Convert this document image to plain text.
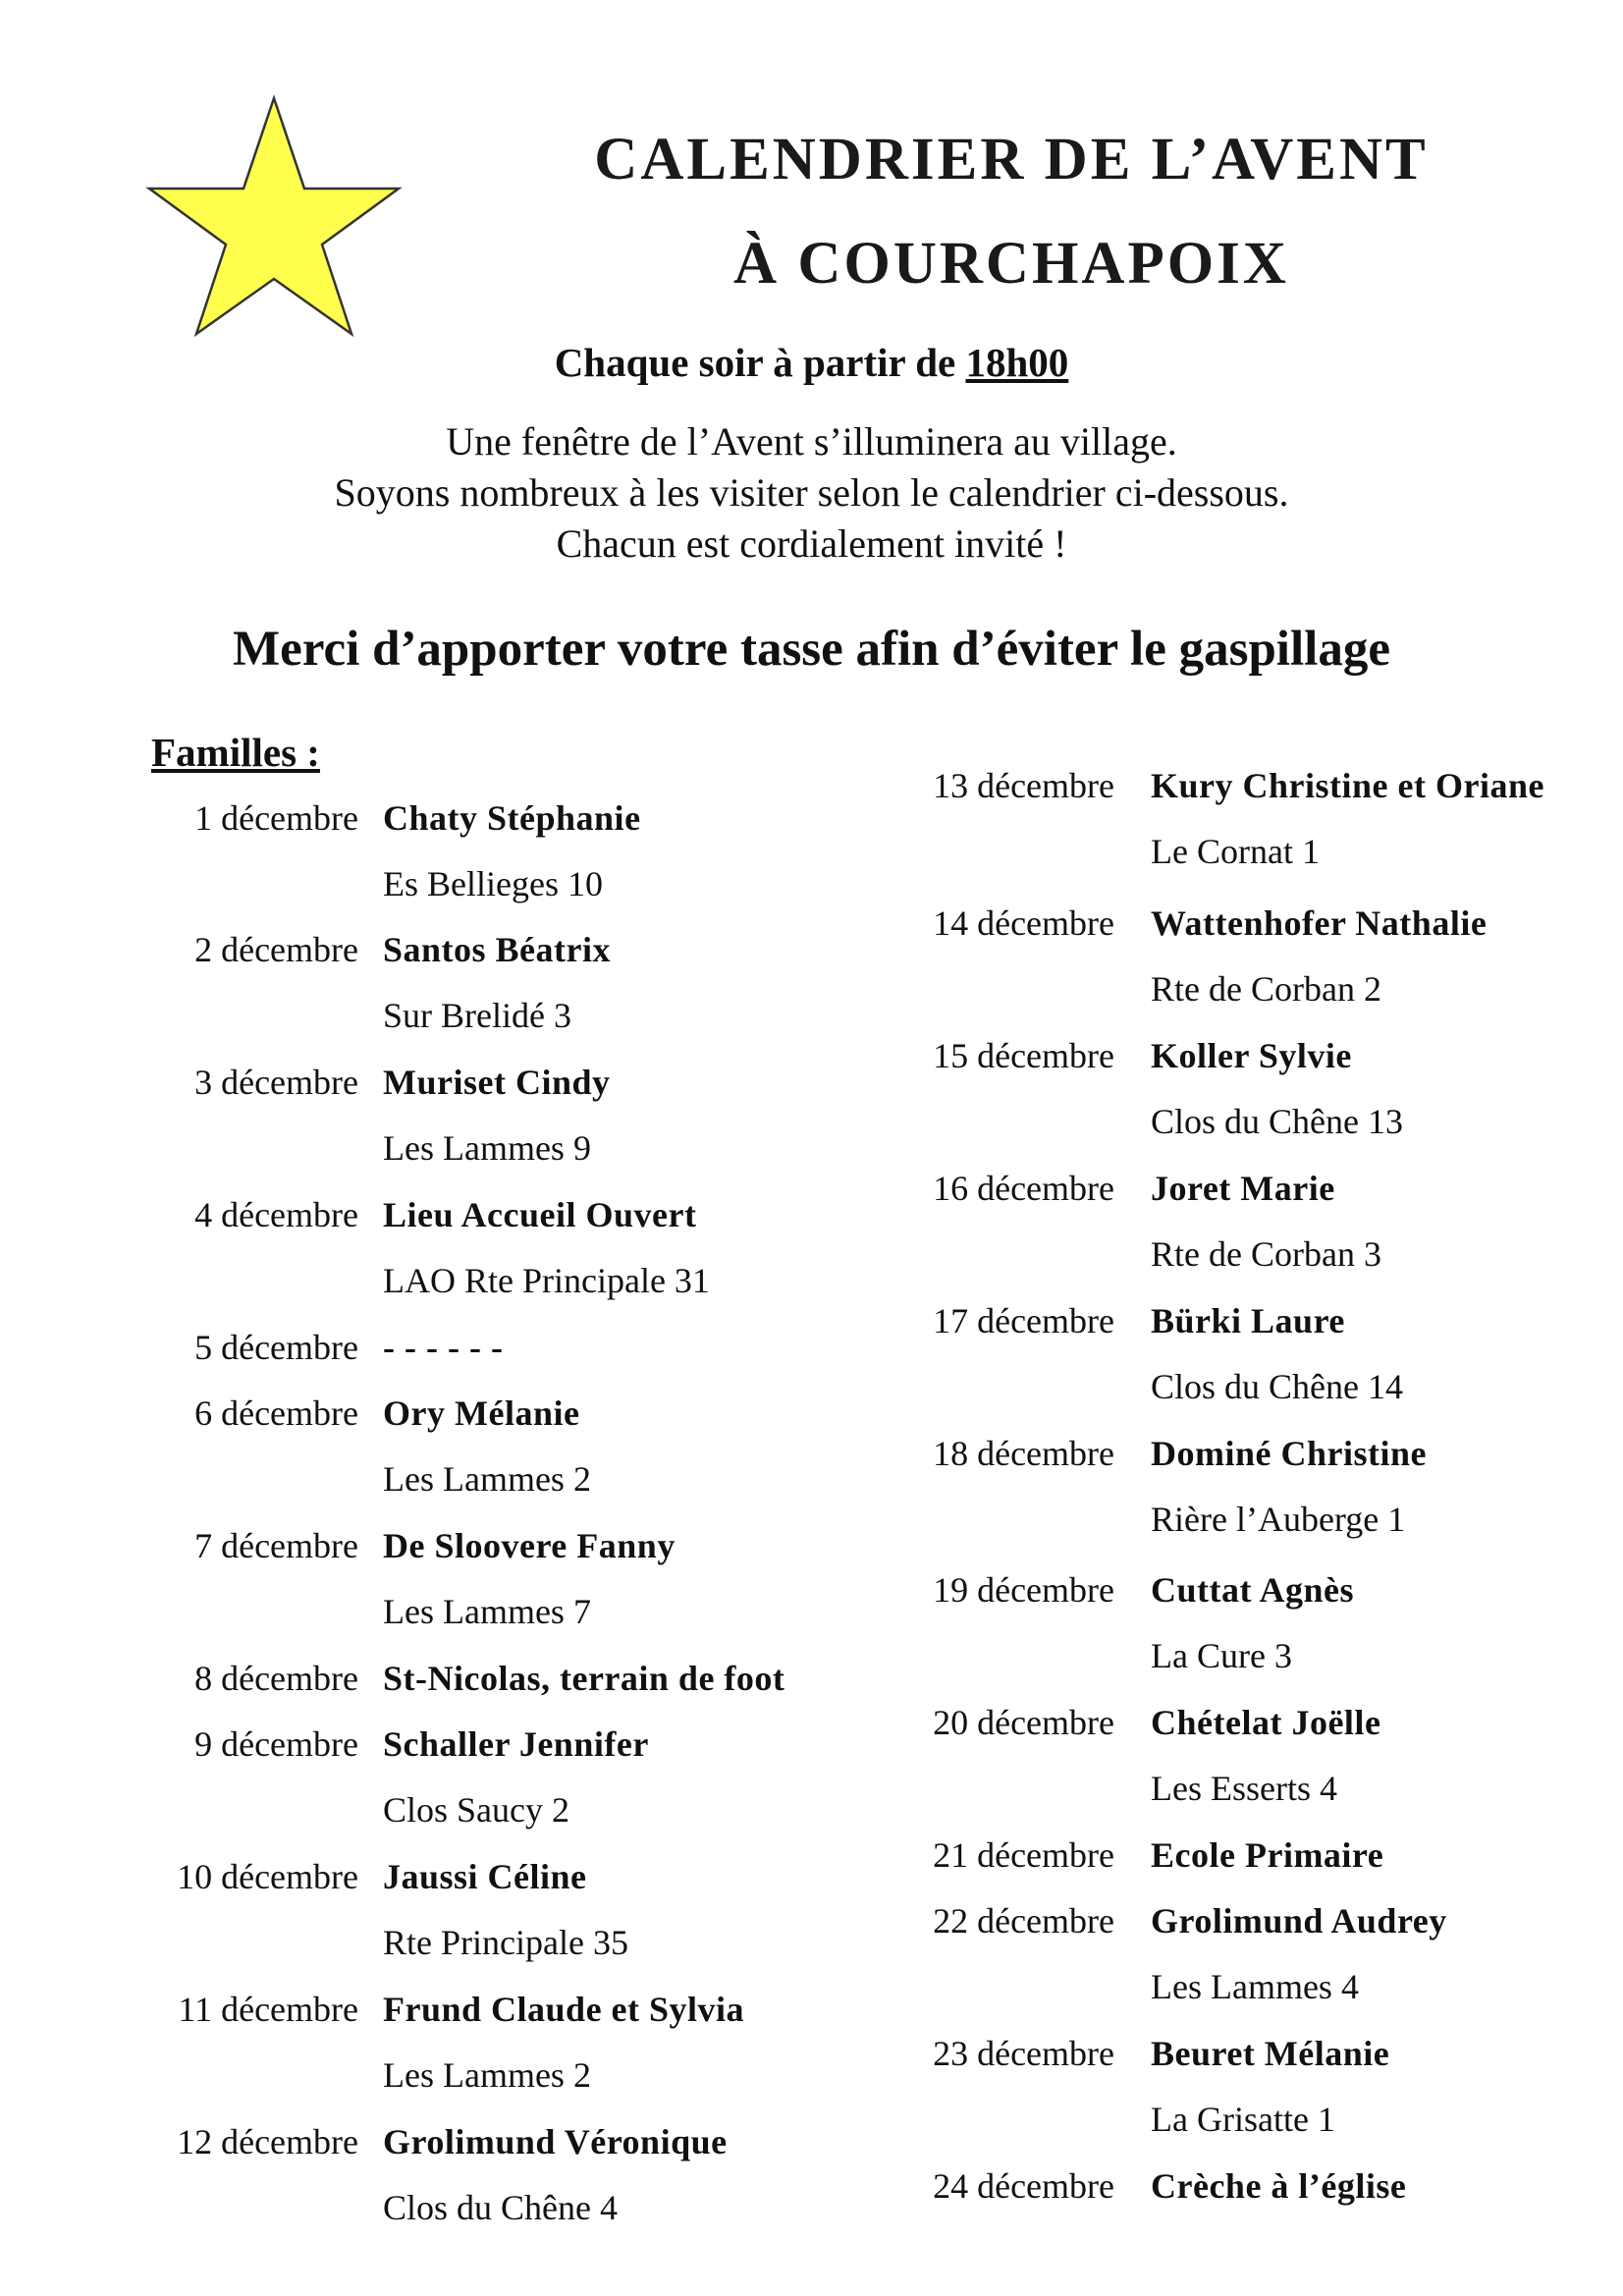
CALENDRIER DE L’AVENT
À COURCHAPOIX
Chaque soir à partir de 18h00
Une fenêtre de l’Avent s’illuminera au village.
Soyons nombreux à les visiter selon le calendrier ci-dessous.
Chacun est cordialement invité !
Merci d’apporter votre tasse afin d’éviter le gaspillage
Familles :
1 décembre Chaty Stéphanie
Es Bellieges 10
2 décembre Santos Béatrix
Sur Brelidé 3
3 décembre Muriset Cindy
Les Lammes 9
4 décembre Lieu Accueil Ouvert
LAO Rte Principale 31
5 décembre - - - - - -
6 décembre Ory Mélanie
Les Lammes 2
7 décembre De Sloovere Fanny
Les Lammes 7
8 décembre St-Nicolas, terrain de foot
9 décembre Schaller Jennifer
Clos Saucy 2
10 décembre Jaussi Céline
Rte Principale 35
11 décembre Frund Claude et Sylvia
Les Lammes 2
12 décembre Grolimund Véronique
Clos du Chêne 4
13 décembre Kury Christine et Oriane
Le Cornat 1
14 décembre Wattenhofer Nathalie
Rte de Corban 2
15 décembre Koller Sylvie
Clos du Chêne 13
16 décembre Joret Marie
Rte de Corban 3
17 décembre Bürki Laure
Clos du Chêne 14
18 décembre Dominé Christine
Rière l’Auberge 1
19 décembre Cuttat Agnès
La Cure 3
20 décembre Chételat Joëlle
Les Esserts 4
21 décembre Ecole Primaire
22 décembre Grolimund Audrey
Les Lammes 4
23 décembre Beuret Mélanie
La Grisatte 1
24 décembre Crèche à l’église
